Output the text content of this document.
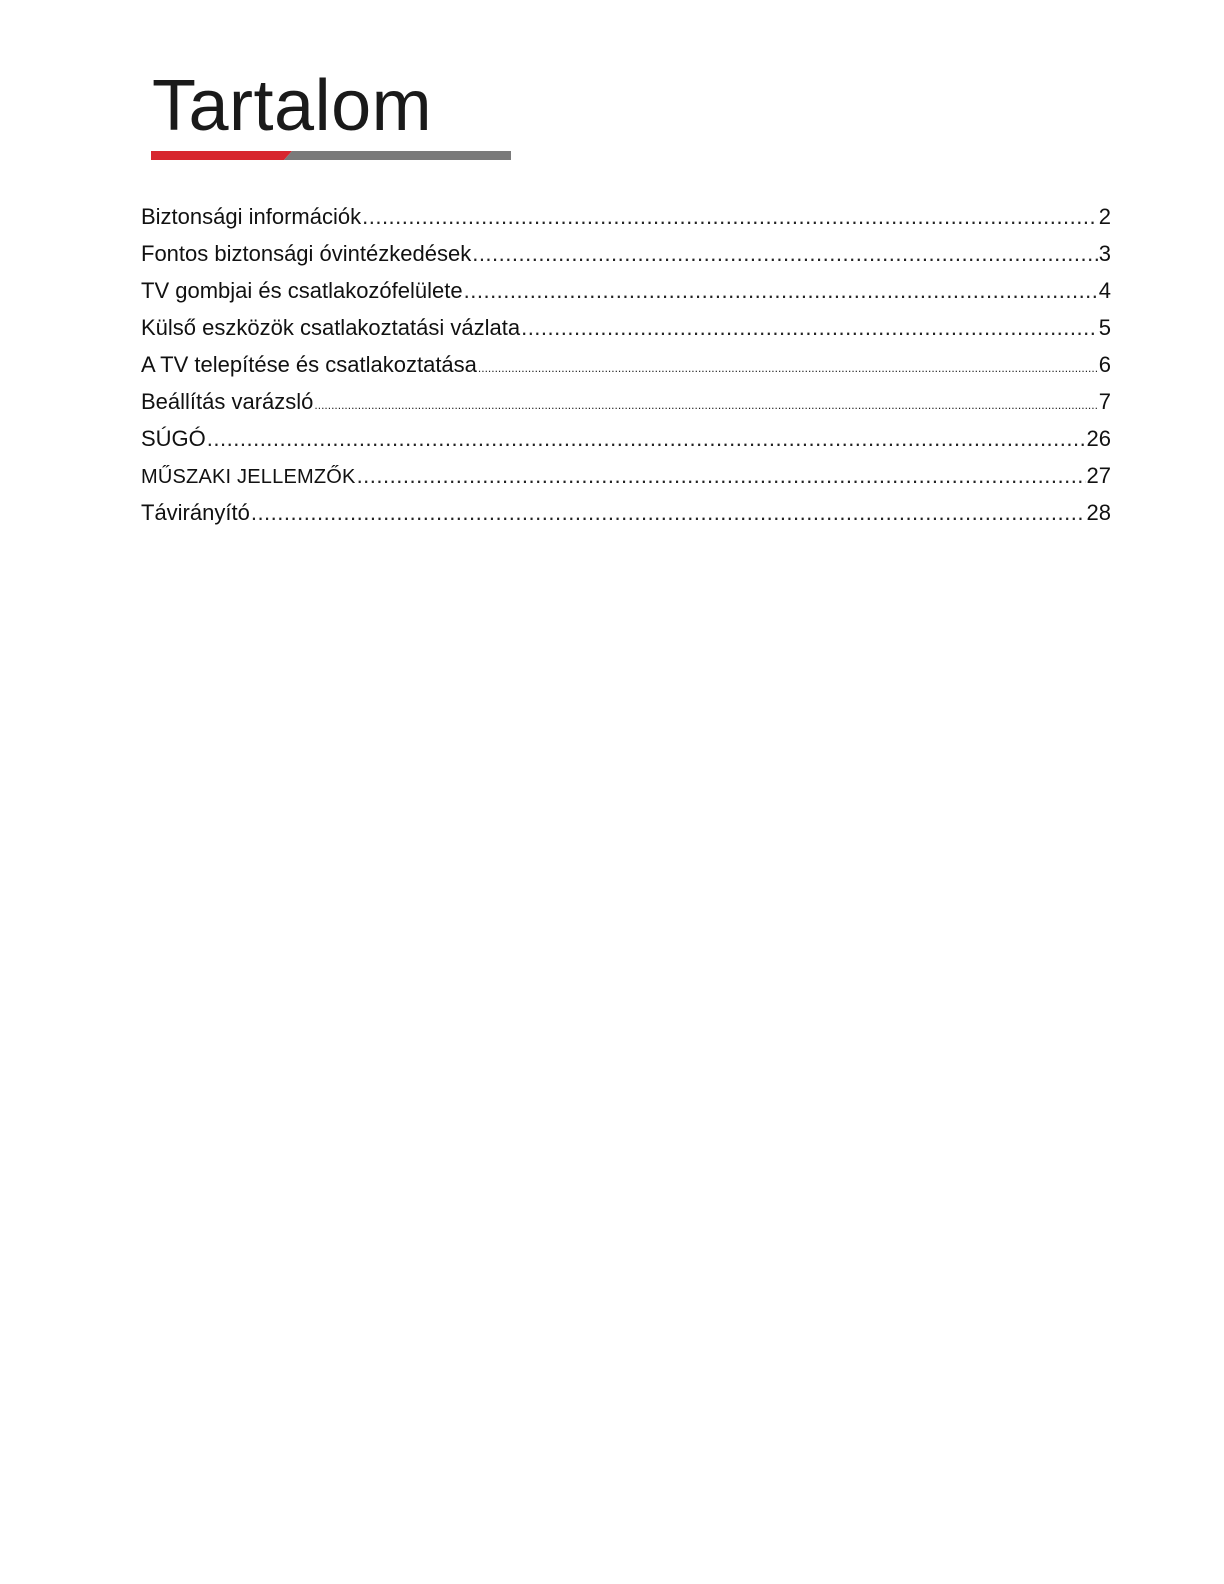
Tartalom
Biztonsági információk .....	2
Fontos biztonsági óvintézkedések .....	3
TV gombjai és csatlakozófelülete .....	4
Külső eszközök csatlakoztatási vázlata .....	5
A TV telepítése és csatlakoztatása .....	6
Beállítás varázsló .....	7
SÚGÓ .....	26
MŰSZAKI JELLEMZŐK .....	27
Távirányító .....	28
